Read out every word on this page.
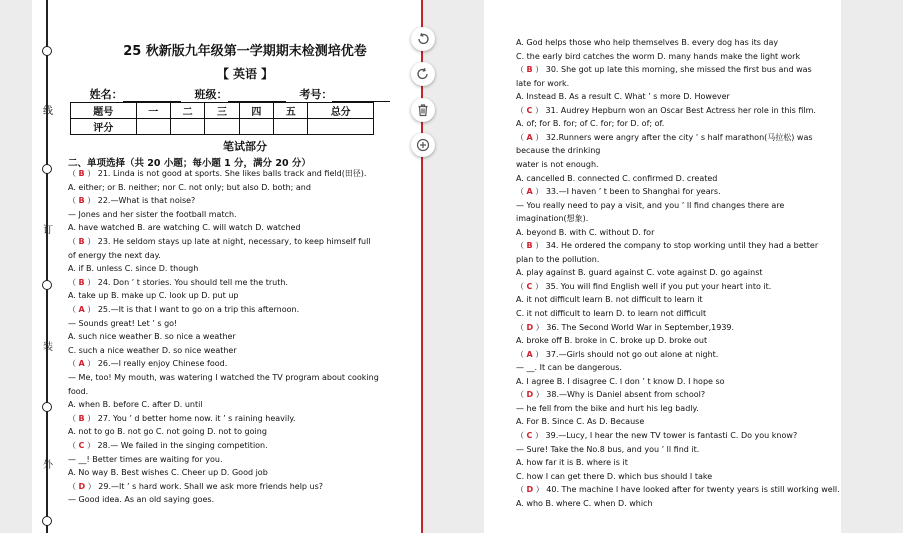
线
订
装
外
25 秋新版九年级第一学期期末检测培优卷
【 英语 】
姓名：	班级：	考号：
题号	一	二	三	四	五	总分
评分						
笔试部分
二、单项选择（共 20 小题；每小题 1 分，满分 20 分）
（ B ） 21. Linda is not good at sports. She likes balls track and field(田径).
A. either; or B. neither; nor C. not only; but also D. both; and
（ B ） 22.—What is that noise?
— Jones and her sister the football match.
A. have watched B. are watching C. will watch D. watched
（ B ） 23. He seldom stays up late at night, necessary, to keep himself full
of energy the next day.
A. if B. unless C. since D. though
（ B ） 24. Don ’ t stories. You should tell me the truth.
A. take up B. make up C. look up D. put up
（ A ） 25.—It is that I want to go on a trip this afternoon.
— Sounds great! Let ’ s go!
A. such nice weather B. so nice a weather
C. such a nice weather D. so nice weather
（ A ） 26.—I really enjoy Chinese food.
— Me, too! My mouth, was watering I watched the TV program about cooking
food.
A. when B. before C. after D. until
（ B ） 27. You ’ d better home now. it ’ s raining heavily.
A. not to go B. not go C. not going D. not to going
（ C ） 28.— We failed in the singing competition.
— __! Better times are waiting for you.
A. No way B. Best wishes C. Cheer up D. Good job
（ D ） 29.—It ’ s hard work. Shall we ask more friends help us?
— Good idea. As an old saying goes.
A. God helps those who help themselves B. every dog has its day
C. the early bird catches the worm D. many hands make the light work
（ B ） 30. She got up late this morning, she missed the first bus and was
late for work.
A. Instead B. As a result C. What ’ s more D. However
（ C ） 31. Audrey Hepburn won an Oscar Best Actress her role in this film.
A. of; for B. for; of C. for; for D. of; of.
（ A ） 32.Runners were angry after the city ’ s half marathon(马拉松) was
because the drinking
water is not enough.
A. cancelled B. connected C. confirmed D. created
（ A ） 33.—I haven ’ t been to Shanghai for years.
— You really need to pay a visit, and you ’ ll find changes there are
imagination(想象).
A. beyond B. with C. without D. for
（ B ） 34. He ordered the company to stop working until they had a better
plan to the pollution.
A. play against B. guard against C. vote against D. go against
（ C ） 35. You will find English well if you put your heart into it.
A. it not difficult learn B. not difficult to learn it
C. it not difficult to learn D. to learn not difficult
（ D ） 36. The Second World War in September,1939.
A. broke off B. broke in C. broke up D. broke out
（ A ） 37.—Girls should not go out alone at night.
— __. It can be dangerous.
A. I agree B. I disagree C. I don ’ t know D. I hope so
（ D ） 38.—Why is Daniel absent from school?
— he fell from the bike and hurt his leg badly.
A. For B. Since C. As D. Because
（ C ） 39.—Lucy, I hear the new TV tower is fantasti C. Do you know?
— Sure! Take the No.8 bus, and you ’ ll find it.
A. how far it is B. where is it
C. how I can get there D. which bus should I take
（ D ） 40. The machine I have looked after for twenty years is still working well.
A. who B. where C. when D. which
